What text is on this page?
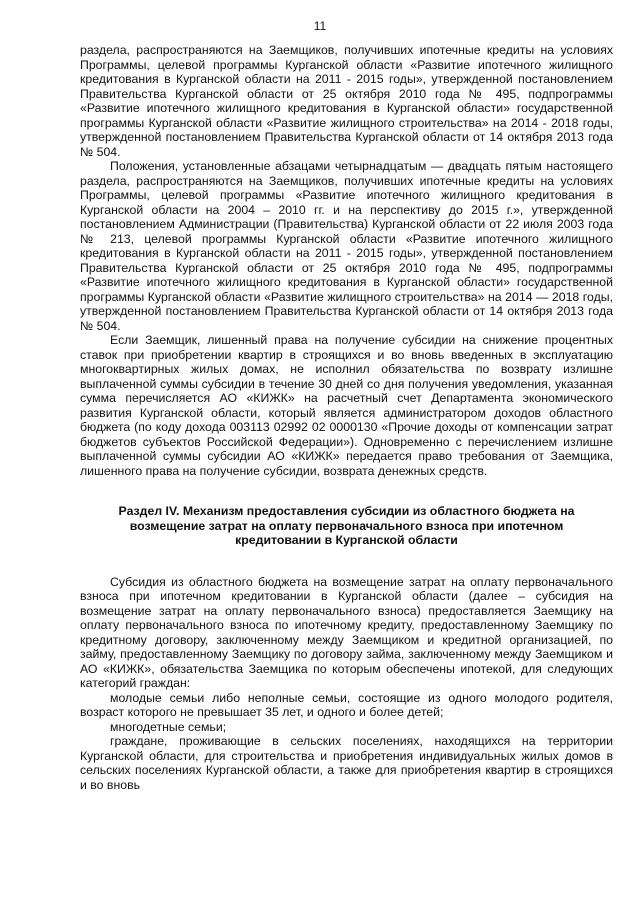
11

раздела, распространяются на Заемщиков, получивших ипотечные кредиты на условиях Программы, целевой программы Курганской области «Развитие ипотечного жилищного кредитования в Курганской области на 2011 - 2015 годы», утвержденной постановлением Правительства Курганской области от 25 октября 2010 года № 495, подпрограммы «Развитие ипотечного жилищного кредитования в Курганской области» государственной программы Курганской области «Развитие жилищного строительства» на 2014 - 2018 годы, утвержденной постановлением Правительства Курганской области от 14 октября 2013 года № 504.

Положения, установленные абзацами четырнадцатым — двадцать пятым настоящего раздела, распространяются на Заемщиков, получивших ипотечные кредиты на условиях Программы, целевой программы «Развитие ипотечного жилищного кредитования в Курганской области на 2004 – 2010 гг. и на перспективу до 2015 г.», утвержденной постановлением Администрации (Правительства) Курганской области от 22 июля 2003 года № 213, целевой программы Курганской области «Развитие ипотечного жилищного кредитования в Курганской области на 2011 - 2015 годы», утвержденной постановлением Правительства Курганской области от 25 октября 2010 года № 495, подпрограммы «Развитие ипотечного жилищного кредитования в Курганской области» государственной программы Курганской области «Развитие жилищного строительства» на 2014 — 2018 годы, утвержденной постановлением Правительства Курганской области от 14 октября 2013 года № 504.

Если Заемщик, лишенный права на получение субсидии на снижение процентных ставок при приобретении квартир в строящихся и во вновь введенных в эксплуатацию многоквартирных жилых домах, не исполнил обязательства по возврату излишне выплаченной суммы субсидии в течение 30 дней со дня получения уведомления, указанная сумма перечисляется АО «КИЖК» на расчетный счет Департамента экономического развития Курганской области, который является администратором доходов областного бюджета (по коду дохода 003113 02992 02 0000130 «Прочие доходы от компенсации затрат бюджетов субъектов Российской Федерации»). Одновременно с перечислением излишне выплаченной суммы субсидии АО «КИЖК» передается право требования от Заемщика, лишенного права на получение субсидии, возврата денежных средств.

Раздел IV. Механизм предоставления субсидии из областного бюджета на возмещение затрат на оплату первоначального взноса при ипотечном кредитовании в Курганской области

Субсидия из областного бюджета на возмещение затрат на оплату первоначального взноса при ипотечном кредитовании в Курганской области (далее – субсидия на возмещение затрат на оплату первоначального взноса) предоставляется Заемщику на оплату первоначального взноса по ипотечному кредиту, предоставленному Заемщику по кредитному договору, заключенному между Заемщиком и кредитной организацией, по займу, предоставленному Заемщику по договору займа, заключенному между Заемщиком и АО «КИЖК», обязательства Заемщика по которым обеспечены ипотекой, для следующих категорий граждан:

молодые семьи либо неполные семьи, состоящие из одного молодого родителя, возраст которого не превышает 35 лет, и одного и более детей;

многодетные семьи;

граждане, проживающие в сельских поселениях, находящихся на территории Курганской области, для строительства и приобретения индивидуальных жилых домов в сельских поселениях Курганской области, а также для приобретения квартир в строящихся и во вновь
